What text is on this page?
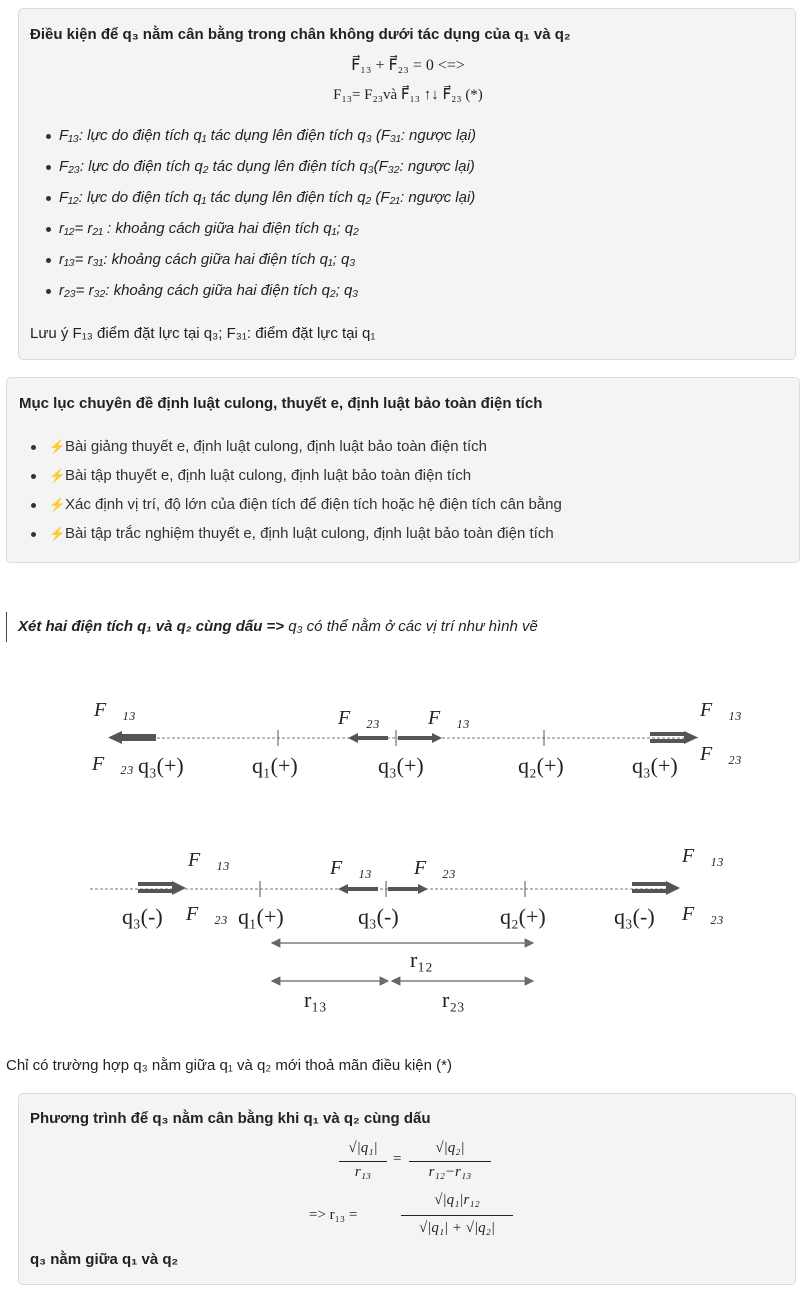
Điều kiện để q₃ nằm cân bằng trong chân không dưới tác dụng của q₁ và q₂
F⃗₁₃ + F⃗₂₃ = 0 <=>
F₁₃= F₂₃và F⃗₁₃ ↑↓ F⃗₂₃ (*)
F₁₃: lực do điện tích q₁ tác dụng lên điện tích q₃ (F₃₁: ngược lại)
F₂₃: lực do điện tích q₂ tác dụng lên điện tích q₃(F₃₂: ngược lại)
F₁₂: lực do điện tích q₁ tác dụng lên điện tích q₂ (F₂₁: ngược lại)
r₁₂= r₂₁ : khoảng cách giữa hai điện tích q₁; q₂
r₁₃= r₃₁: khoảng cách giữa hai điện tích q₁; q₃
r₂₃= r₃₂: khoảng cách giữa hai điện tích q₂; q₃
Lưu ý F₁₃ điểm đặt lực tại q₃; F₃₁: điểm đặt lực tại q₁
Mục lục chuyên đề định luật culong, thuyết e, định luật bảo toàn điện tích
⚡ Bài giảng thuyết e, định luật culong, định luật bảo toàn điện tích
⚡ Bài tập thuyết e, định luật culong, định luật bảo toàn điện tích
⚡ Xác định vị trí, độ lớn của điện tích để điện tích hoặc hệ điện tích cân bằng
⚡ Bài tập trắc nghiệm thuyết e, định luật culong, định luật bảo toàn điện tích
Xét hai điện tích q₁ và q₂ cùng dấu => q₃ có thể nằm ở các vị trí như hình vẽ
F⃗₁₃
F⃗₂₃
F⃗₂₃ F⃗₁₃	F⃗₁₃
F⃗₂₃
q₃(+)	q₁(+)	q₃(+)	q₂(+)	q₃(+)
F⃗₁₃
F⃗₂₃
F⃗₁₃ F⃗₂₃
F⃗₁₃
F⃗₂₃
q₃(-)	q₁(+)	q₃(-)	q₂(+)	q₃(-)
r₁₂
r₁₃	r₂₃
Chỉ có trường hợp q₃ nằm giữa q₁ và q₂ mới thoả mãn điều kiện (*)
Phương trình để q₃ nằm cân bằng khi q₁ và q₂ cùng dấu
√|q₁|
r₁₃
=
√|q₂|
r₁₂−r₁₃
=> r₁₃ =
√|q₁|r₁₂
√|q₁| + √|q₂|
q₃ nằm giữa q₁ và q₂
